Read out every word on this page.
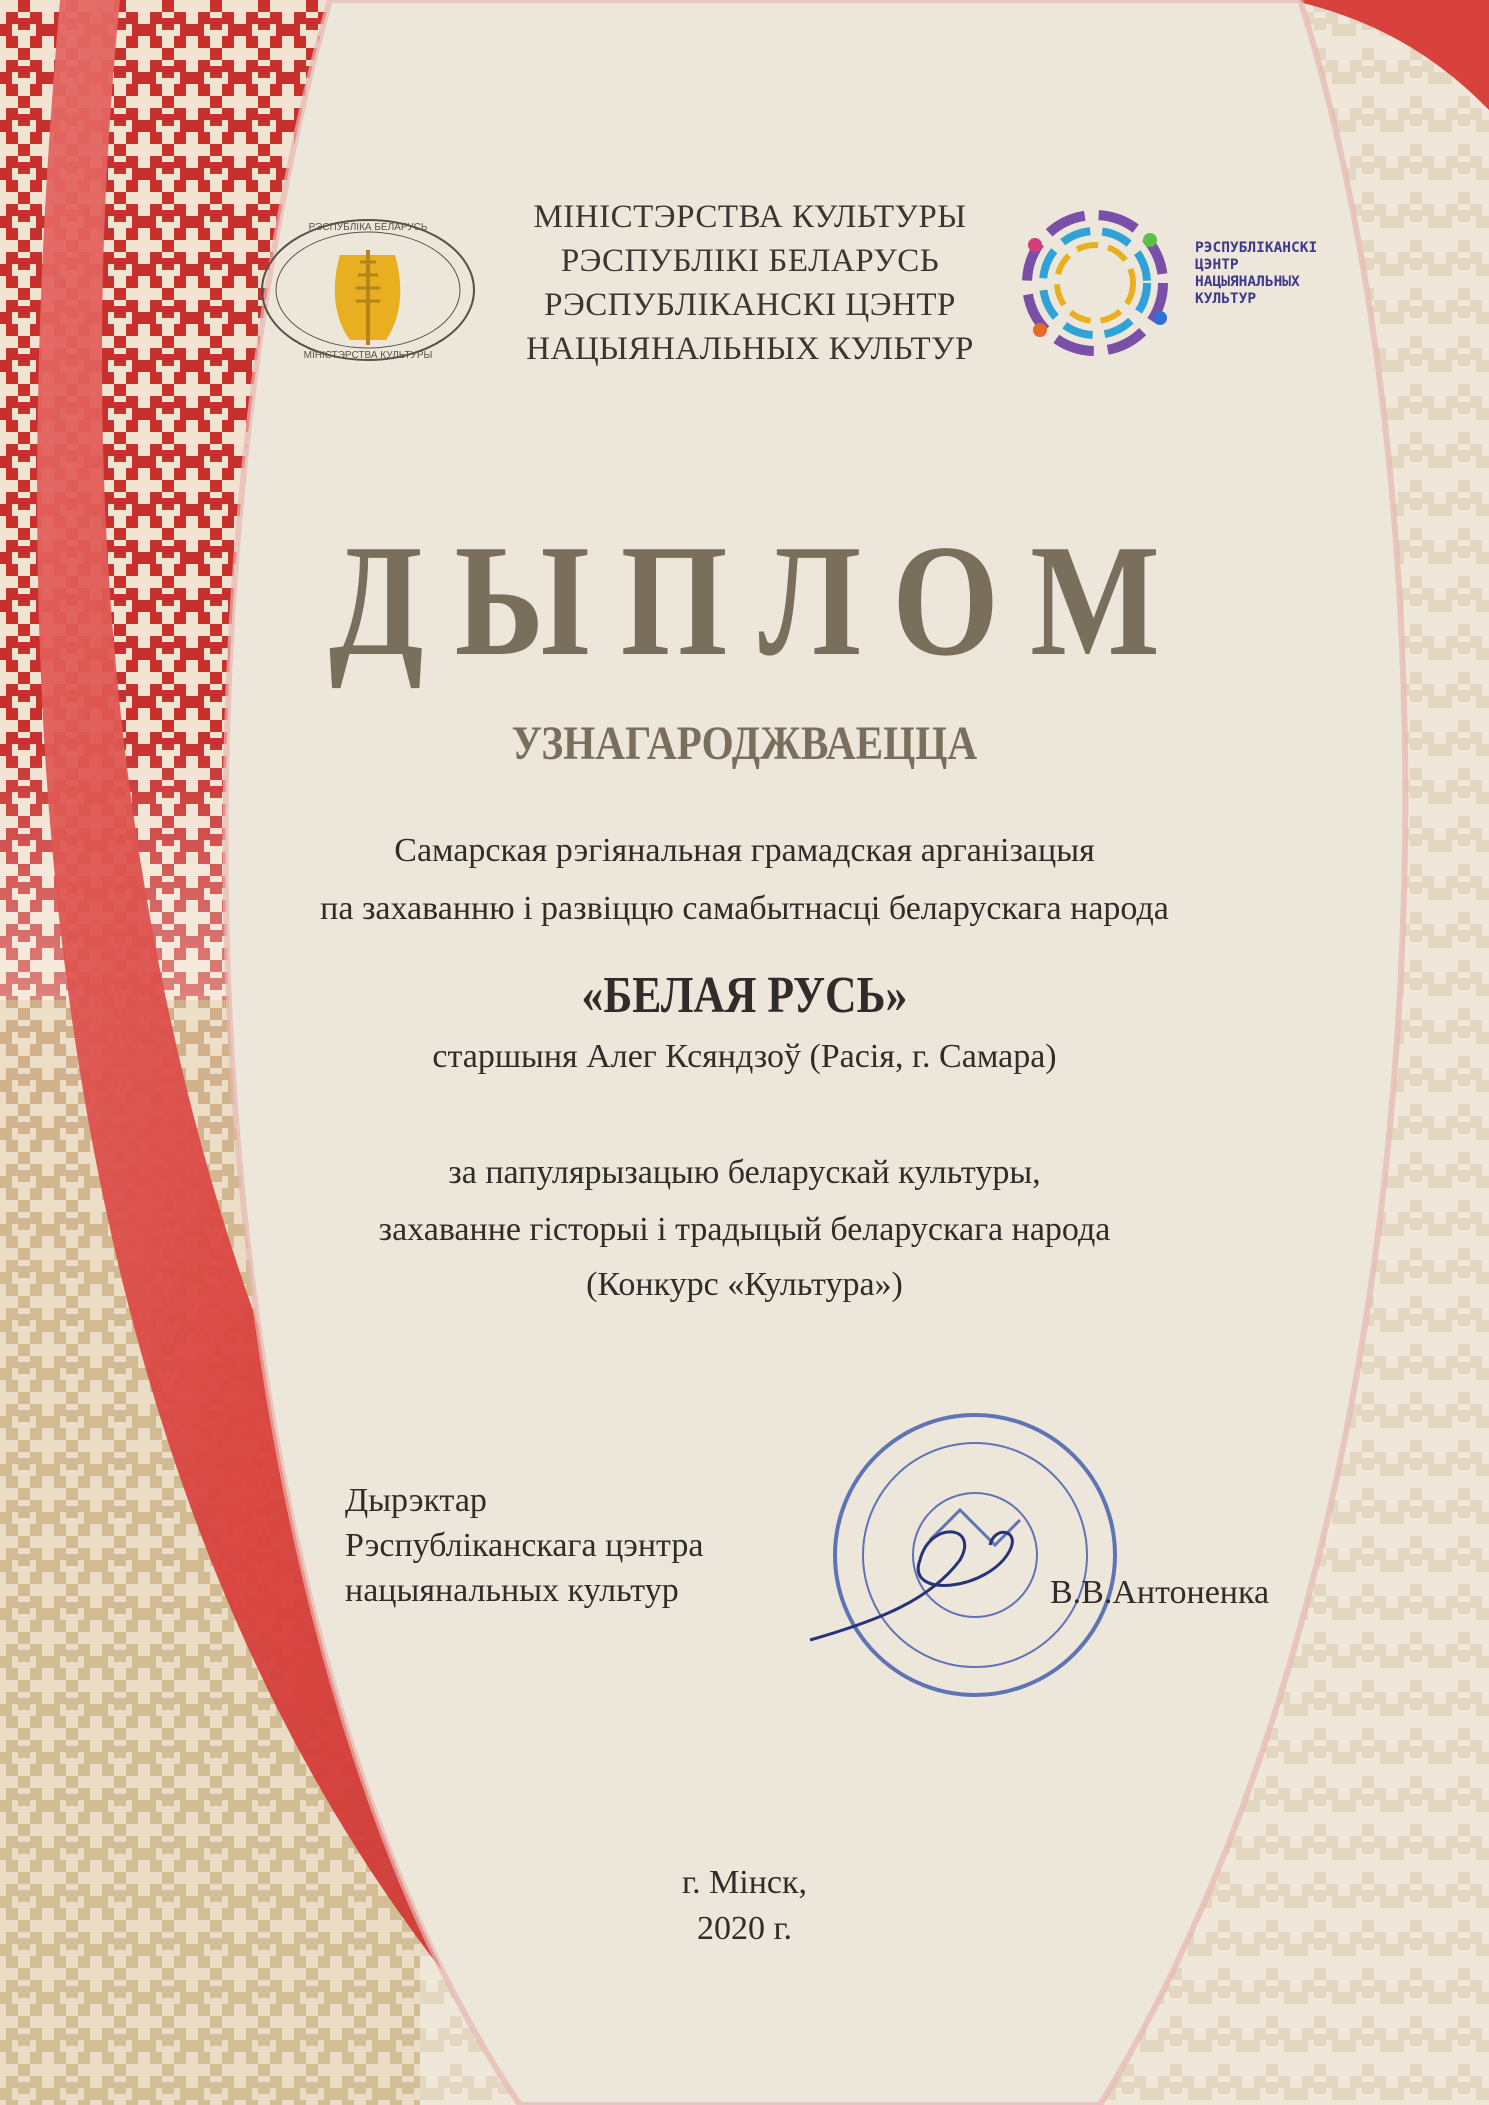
РЭСПУБЛІКА БЕЛАРУСЬ
МІНІСТЭРСТВА КУЛЬТУРЫ
МІНІСТЭРСТВА КУЛЬТУРЫ
РЭСПУБЛІКІ БЕЛАРУСЬ
РЭСПУБЛІКАНСКІ ЦЭНТР
НАЦЫЯНАЛЬНЫХ КУЛЬТУР
РЭСПУБЛІКАНСКІ
ЦЭНТР
НАЦЫЯНАЛЬНЫХ
КУЛЬТУР
ДЫПЛОМ
УЗНАГАРОДЖВАЕЦЦА
Самарская рэгіянальная грамадская арганізацыя
па захаванню і развіццю самабытнасці беларускага народа
«БЕЛАЯ РУСЬ»
старшыня Алег Ксяндзоў (Расія, г. Самара)
за папулярызацыю беларускай культуры,
захаванне гісторыі і традыцый беларускага народа
(Конкурс «Культура»)
Дырэктар
Рэспубліканскага цэнтра
нацыянальных культур	В.В.Антоненка
г. Мінск,
2020 г.
